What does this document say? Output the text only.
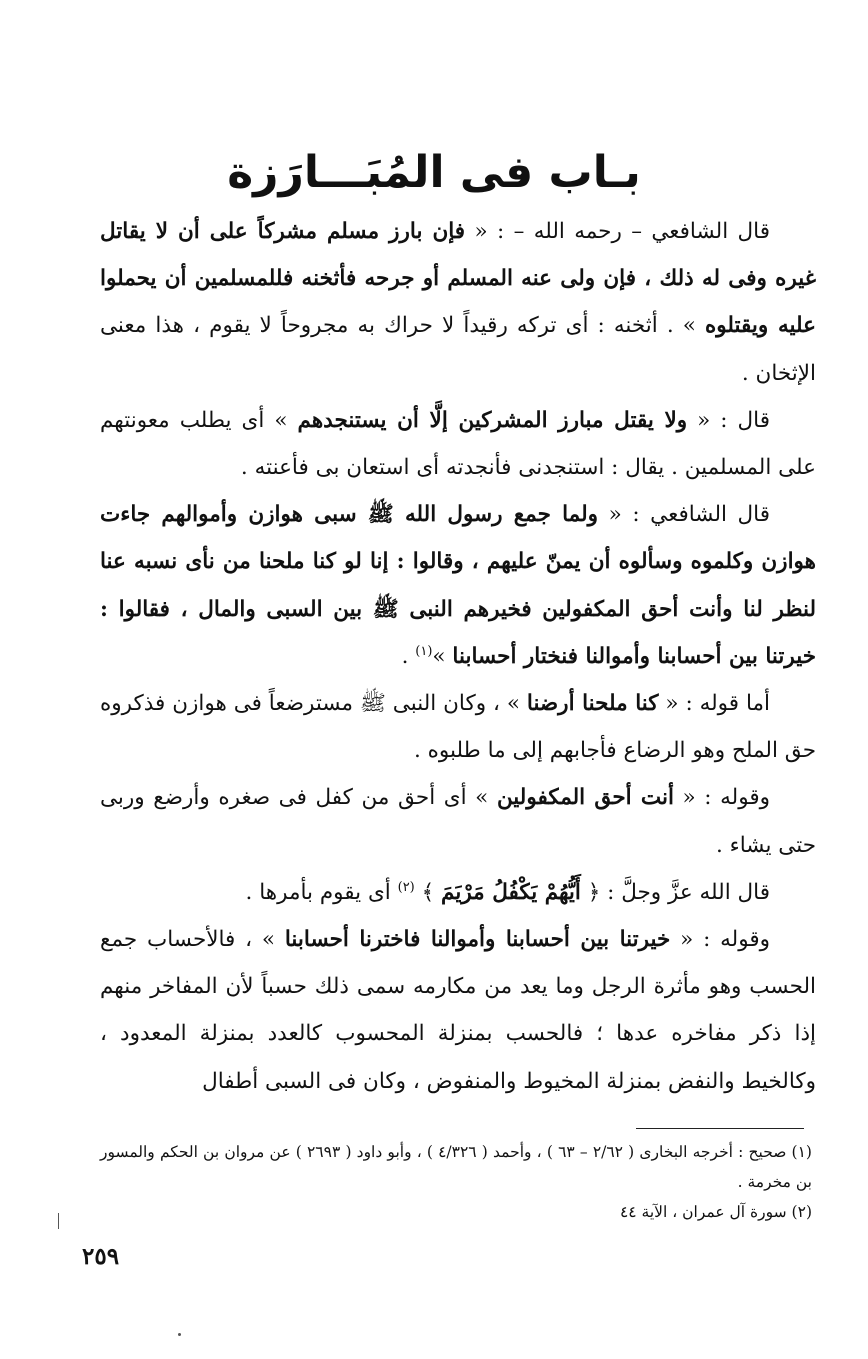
بـاب فى المُبَـــارَزة

قال الشافعي – رحمه الله – : « فإن بارز مسلم مشركاً على أن لا يقاتل غيره وفى له ذلك ، فإن ولى عنه المسلم أو جرحه فأثخنه فللمسلمين أن يحملوا عليه ويقتلوه » . أثخنه : أى تركه رقيداً لا حراك به مجروحاً لا يقوم ، هذا معنى الإثخان .

قال : « ولا يقتل مبارز المشركين إلَّا أن يستنجدهم » أى يطلب معونتهم على المسلمين . يقال : استنجدنى فأنجدته أى استعان بى فأعنته .

قال الشافعي : « ولما جمع رسول الله ﷺ سبى هوازن وأموالهم جاءت هوازن وكلموه وسألوه أن يمنّ عليهم ، وقالوا : إنا لو كنا ملحنا من نأى نسبه عنا لنظر لنا وأنت أحق المكفولين فخيرهم النبى ﷺ بين السبى والمال ، فقالوا : خيرتنا بين أحسابنا وأموالنا فنختار أحسابنا »$^{(١)}$ .

أما قوله : « كنا ملحنا أرضنا » ، وكان النبى ﷺ مسترضعاً فى هوازن فذكروه حق الملح وهو الرضاع فأجابهم إلى ما طلبوه .

وقوله : « أنت أحق المكفولين » أى أحق من كفل فى صغره وأرضع وربى حتى يشاء .

قال الله عزَّ وجلَّ : ﴿ أَيُّهُمْ يَكْفُلُ مَرْيَمَ ﴾ $^{(٢)}$ أى يقوم بأمرها .

وقوله : « خيرتنا بين أحسابنا وأموالنا فاخترنا أحسابنا » ، فالأحساب جمع الحسب وهو مأثرة الرجل وما يعد من مكارمه سمى ذلك حسباً لأن المفاخر منهم إذا ذكر مفاخره عدها ؛ فالحسب بمنزلة المحسوب كالعدد بمنزلة المعدود ، وكالخيط والنفض بمنزلة المخيوط والمنفوض ، وكان فى السبى أطفال

(١) صحيح : أخرجه البخارى ( ٢/٦٢ – ٦٣ ) ، وأحمد ( ٤/٣٢٦ ) ، وأبو داود ( ٢٦٩٣ ) عن مروان بن الحكم والمسور بن مخرمة .

(٢) سورة آل عمران ، الآية ٤٤

٢٥٩
